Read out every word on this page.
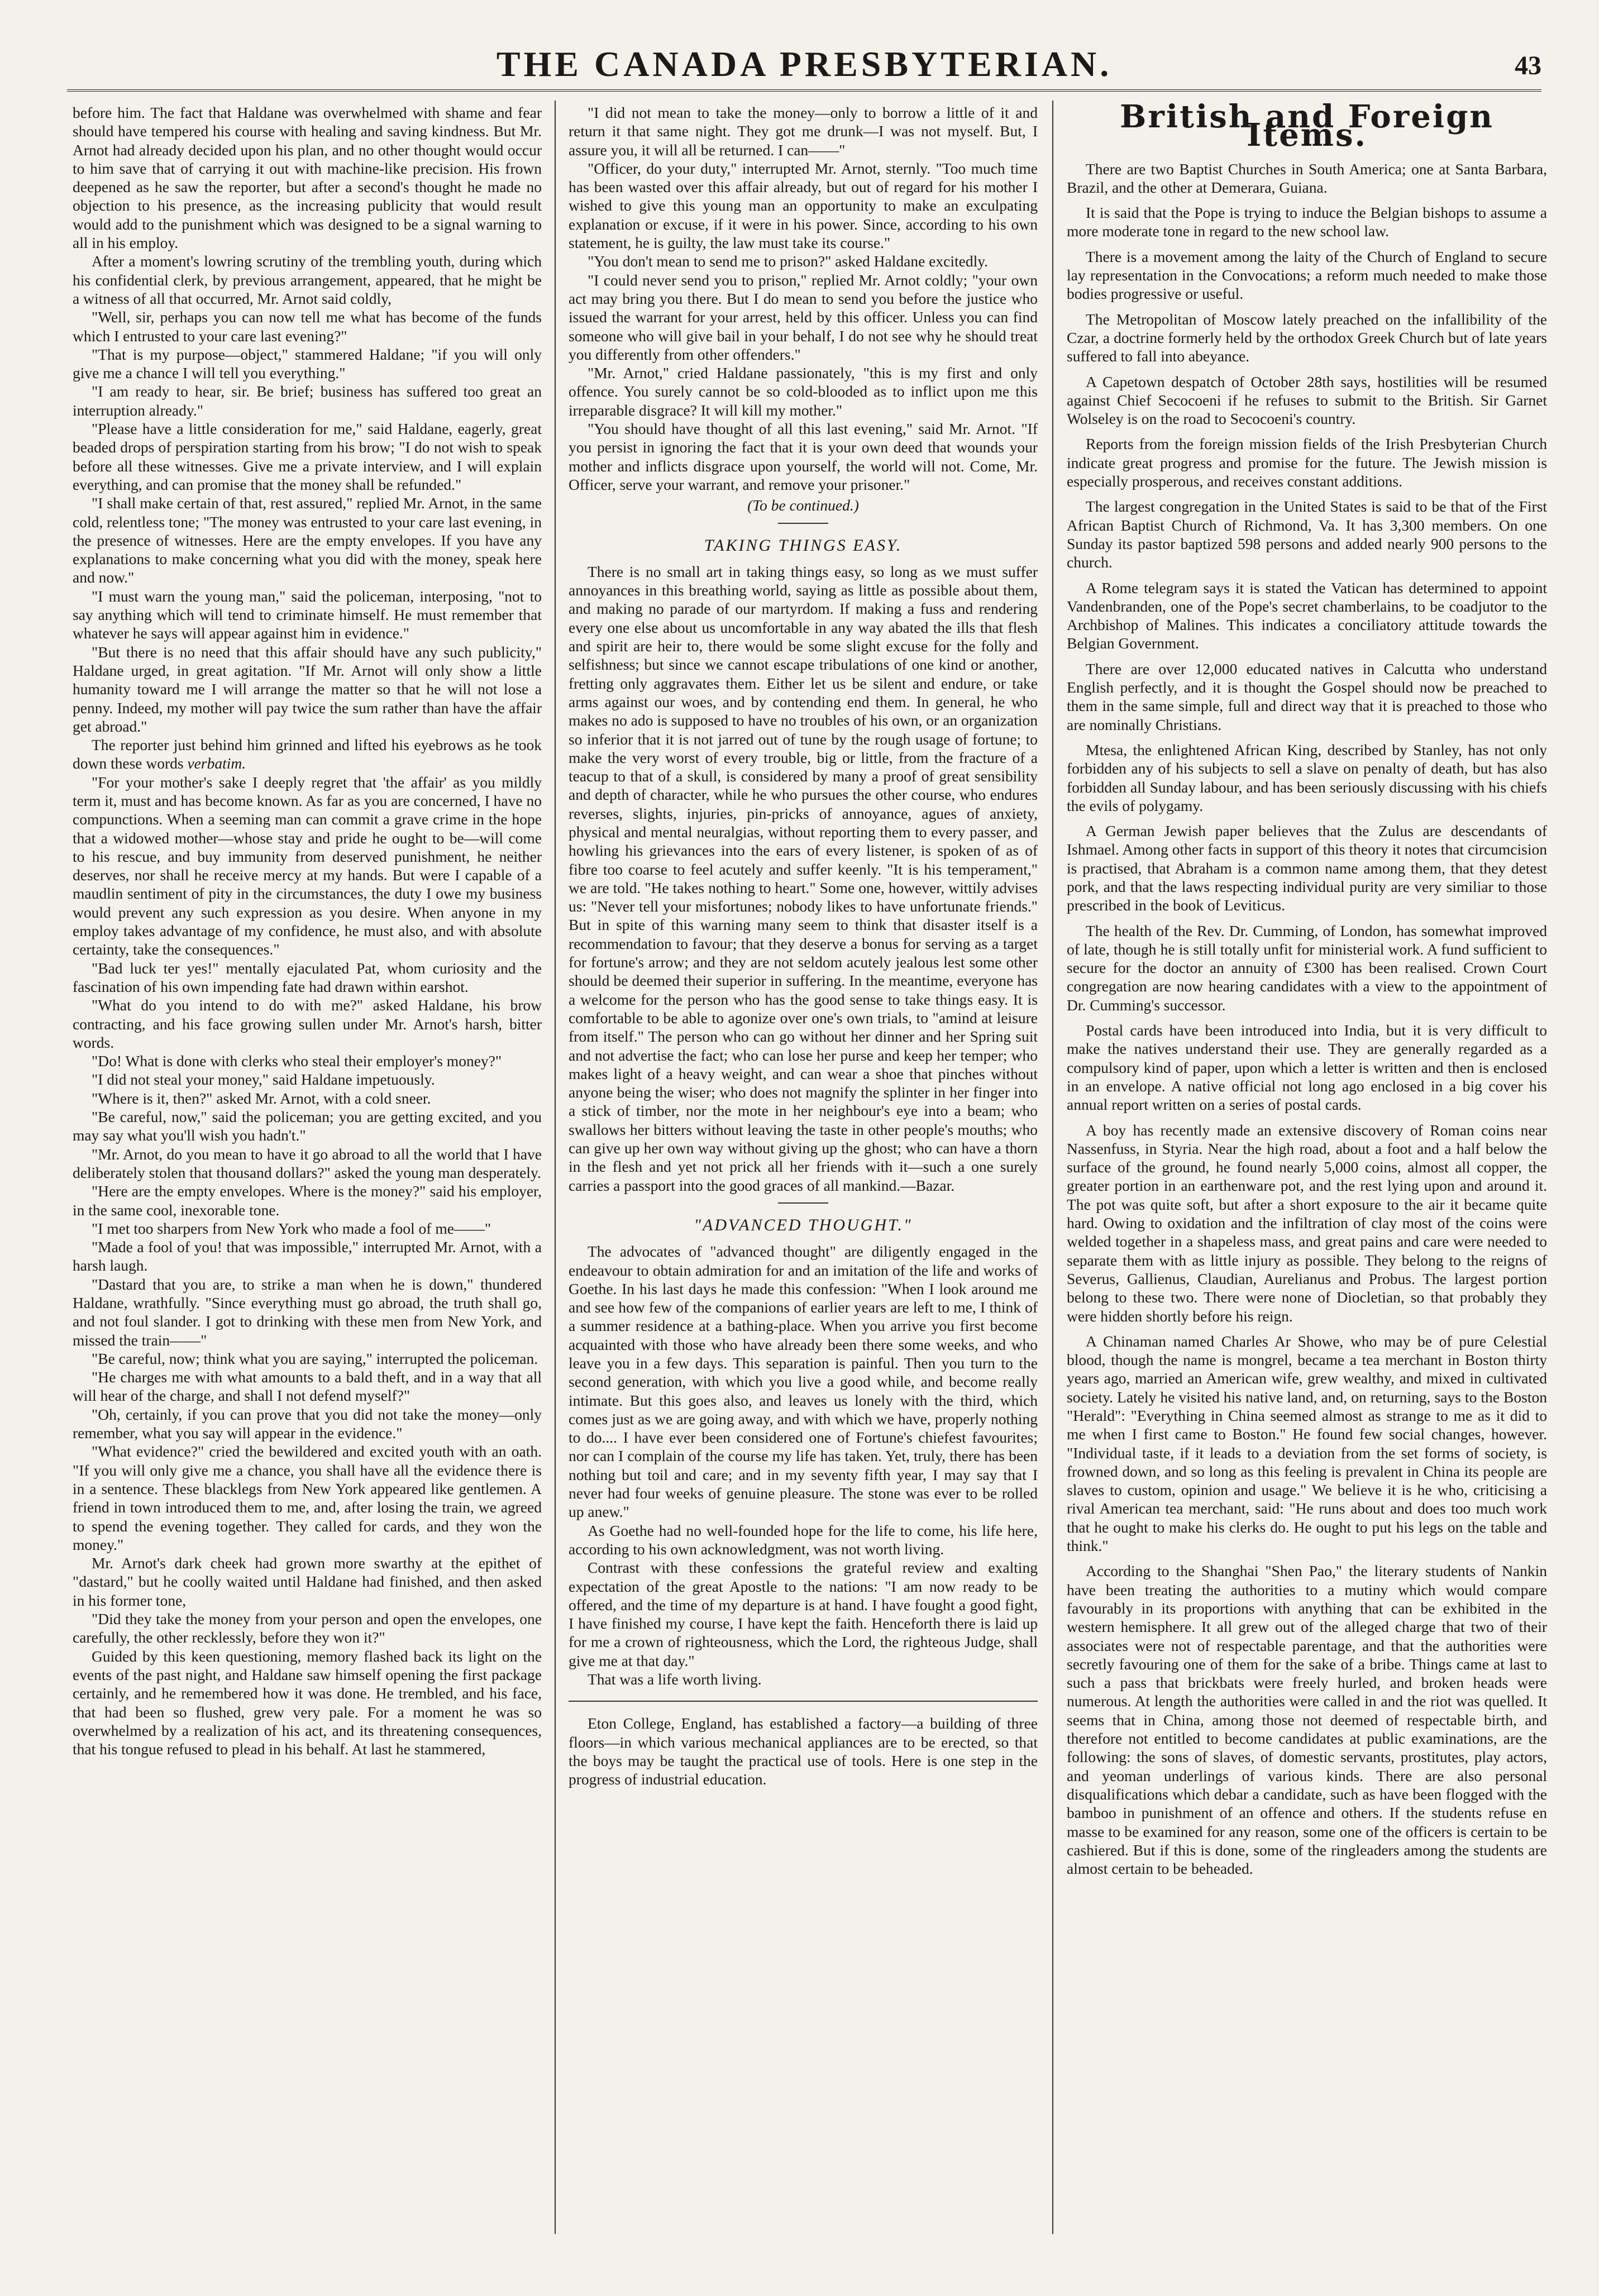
THE CANADA PRESBYTERIAN.	43

before him. The fact that Haldane was overwhelmed with shame and fear should have tempered his course with healing and saving kindness. But Mr. Arnot had already decided upon his plan, and no other thought would occur to him save that of carrying it out with machine-like precision. His frown deepened as he saw the reporter, but after a second's thought he made no objection to his presence, as the increasing publicity that would result would add to the punishment which was designed to be a signal warning to all in his employ.

After a moment's lowring scrutiny of the trembling youth, during which his confidential clerk, by previous arrangement, appeared, that he might be a witness of all that occurred, Mr. Arnot said coldly,

"Well, sir, perhaps you can now tell me what has become of the funds which I entrusted to your care last evening?"

"That is my purpose—object," stammered Haldane; "if you will only give me a chance I will tell you everything."

"I am ready to hear, sir. Be brief; business has suffered too great an interruption already."

"Please have a little consideration for me," said Haldane, eagerly, great beaded drops of perspiration starting from his brow; "I do not wish to speak before all these witnesses. Give me a private interview, and I will explain everything, and can promise that the money shall be refunded."

"I shall make certain of that, rest assured," replied Mr. Arnot, in the same cold, relentless tone; "The money was entrusted to your care last evening, in the presence of witnesses. Here are the empty envelopes. If you have any explanations to make concerning what you did with the money, speak here and now."

"I must warn the young man," said the policeman, interposing, "not to say anything which will tend to criminate himself. He must remember that whatever he says will appear against him in evidence."

"But there is no need that this affair should have any such publicity," Haldane urged, in great agitation. "If Mr. Arnot will only show a little humanity toward me I will arrange the matter so that he will not lose a penny. Indeed, my mother will pay twice the sum rather than have the affair get abroad."

The reporter just behind him grinned and lifted his eyebrows as he took down these words verbatim.

"For your mother's sake I deeply regret that 'the affair' as you mildly term it, must and has become known. As far as you are concerned, I have no compunctions. When a seeming man can commit a grave crime in the hope that a widowed mother—whose stay and pride he ought to be—will come to his rescue, and buy immunity from deserved punishment, he neither deserves, nor shall he receive mercy at my hands. But were I capable of a maudlin sentiment of pity in the circumstances, the duty I owe my business would prevent any such expression as you desire. When anyone in my employ takes advantage of my confidence, he must also, and with absolute certainty, take the consequences."

"Bad luck ter yes!" mentally ejaculated Pat, whom curiosity and the fascination of his own impending fate had drawn within earshot.

"What do you intend to do with me?" asked Haldane, his brow contracting, and his face growing sullen under Mr. Arnot's harsh, bitter words.

"Do! What is done with clerks who steal their employer's money?"

"I did not steal your money," said Haldane impetuously.

"Where is it, then?" asked Mr. Arnot, with a cold sneer.

"Be careful, now," said the policeman; you are getting excited, and you may say what you'll wish you hadn't."

"Mr. Arnot, do you mean to have it go abroad to all the world that I have deliberately stolen that thousand dollars?" asked the young man desperately.

"Here are the empty envelopes. Where is the money?" said his employer, in the same cool, inexorable tone.

"I met too sharpers from New York who made a fool of me——"

"Made a fool of you! that was impossible," interrupted Mr. Arnot, with a harsh laugh.

"Dastard that you are, to strike a man when he is down," thundered Haldane, wrathfully. "Since everything must go abroad, the truth shall go, and not foul slander. I got to drinking with these men from New York, and missed the train——"

"Be careful, now; think what you are saying," interrupted the policeman.

"He charges me with what amounts to a bald theft, and in a way that all will hear of the charge, and shall I not defend myself?"

"Oh, certainly, if you can prove that you did not take the money—only remember, what you say will appear in the evidence."

"What evidence?" cried the bewildered and excited youth with an oath. "If you will only give me a chance, you shall have all the evidence there is in a sentence. These blacklegs from New York appeared like gentlemen. A friend in town introduced them to me, and, after losing the train, we agreed to spend the evening together. They called for cards, and they won the money."

Mr. Arnot's dark cheek had grown more swarthy at the epithet of "dastard," but he coolly waited until Haldane had finished, and then asked in his former tone,

"Did they take the money from your person and open the envelopes, one carefully, the other recklessly, before they won it?"

Guided by this keen questioning, memory flashed back its light on the events of the past night, and Haldane saw himself opening the first package certainly, and he remembered how it was done. He trembled, and his face, that had been so flushed, grew very pale. For a moment he was so overwhelmed by a realization of his act, and its threatening consequences, that his tongue refused to plead in his behalf. At last he stammered,

"I did not mean to take the money—only to borrow a little of it and return it that same night. They got me drunk—I was not myself. But, I assure you, it will all be returned. I can——"

"Officer, do your duty," interrupted Mr. Arnot, sternly. "Too much time has been wasted over this affair already, but out of regard for his mother I wished to give this young man an opportunity to make an exculpating explanation or excuse, if it were in his power. Since, according to his own statement, he is guilty, the law must take its course."

"You don't mean to send me to prison?" asked Haldane excitedly.

"I could never send you to prison," replied Mr. Arnot coldly; "your own act may bring you there. But I do mean to send you before the justice who issued the warrant for your arrest, held by this officer. Unless you can find someone who will give bail in your behalf, I do not see why he should treat you differently from other offenders."

"Mr. Arnot," cried Haldane passionately, "this is my first and only offence. You surely cannot be so cold-blooded as to inflict upon me this irreparable disgrace? It will kill my mother."

"You should have thought of all this last evening," said Mr. Arnot. "If you persist in ignoring the fact that it is your own deed that wounds your mother and inflicts disgrace upon yourself, the world will not. Come, Mr. Officer, serve your warrant, and remove your prisoner."

(To be continued.)
TAKING THINGS EASY.

There is no small art in taking things easy, so long as we must suffer annoyances in this breathing world, saying as little as possible about them, and making no parade of our martyrdom. If making a fuss and rendering every one else about us uncomfortable in any way abated the ills that flesh and spirit are heir to, there would be some slight excuse for the folly and selfishness; but since we cannot escape tribulations of one kind or another, fretting only aggravates them. Either let us be silent and endure, or take arms against our woes, and by contending end them. In general, he who makes no ado is supposed to have no troubles of his own, or an organization so inferior that it is not jarred out of tune by the rough usage of fortune; to make the very worst of every trouble, big or little, from the fracture of a teacup to that of a skull, is considered by many a proof of great sensibility and depth of character, while he who pursues the other course, who endures reverses, slights, injuries, pin-pricks of annoyance, agues of anxiety, physical and mental neuralgias, without reporting them to every passer, and howling his grievances into the ears of every listener, is spoken of as of fibre too coarse to feel acutely and suffer keenly. "It is his temperament," we are told. "He takes nothing to heart." Some one, however, wittily advises us: "Never tell your misfortunes; nobody likes to have unfortunate friends." But in spite of this warning many seem to think that disaster itself is a recommendation to favour; that they deserve a bonus for serving as a target for fortune's arrow; and they are not seldom acutely jealous lest some other should be deemed their superior in suffering. In the meantime, everyone has a welcome for the person who has the good sense to take things easy. It is comfortable to be able to agonize over one's own trials, to "amind at leisure from itself." The person who can go without her dinner and her Spring suit and not advertise the fact; who can lose her purse and keep her temper; who makes light of a heavy weight, and can wear a shoe that pinches without anyone being the wiser; who does not magnify the splinter in her finger into a stick of timber, nor the mote in her neighbour's eye into a beam; who swallows her bitters without leaving the taste in other people's mouths; who can give up her own way without giving up the ghost; who can have a thorn in the flesh and yet not prick all her friends with it—such a one surely carries a passport into the good graces of all mankind.—Bazar.

"ADVANCED THOUGHT."

The advocates of "advanced thought" are diligently engaged in the endeavour to obtain admiration for and an imitation of the life and works of Goethe. In his last days he made this confession: "When I look around me and see how few of the companions of earlier years are left to me, I think of a summer residence at a bathing-place. When you arrive you first become acquainted with those who have already been there some weeks, and who leave you in a few days. This separation is painful. Then you turn to the second generation, with which you live a good while, and become really intimate. But this goes also, and leaves us lonely with the third, which comes just as we are going away, and with which we have, properly nothing to do.... I have ever been considered one of Fortune's chiefest favourites; nor can I complain of the course my life has taken. Yet, truly, there has been nothing but toil and care; and in my seventy fifth year, I may say that I never had four weeks of genuine pleasure. The stone was ever to be rolled up anew."

As Goethe had no well-founded hope for the life to come, his life here, according to his own acknowledgment, was not worth living.

Contrast with these confessions the grateful review and exalting expectation of the great Apostle to the nations: "I am now ready to be offered, and the time of my departure is at hand. I have fought a good fight, I have finished my course, I have kept the faith. Henceforth there is laid up for me a crown of righteousness, which the Lord, the righteous Judge, shall give me at that day."

That was a life worth living.

Eton College, England, has established a factory—a building of three floors—in which various mechanical appliances are to be erected, so that the boys may be taught the practical use of tools. Here is one step in the progress of industrial education.

British and Foreign Items.

There are two Baptist Churches in South America; one at Santa Barbara, Brazil, and the other at Demerara, Guiana.

It is said that the Pope is trying to induce the Belgian bishops to assume a more moderate tone in regard to the new school law.

There is a movement among the laity of the Church of England to secure lay representation in the Convocations; a reform much needed to make those bodies progressive or useful.

The Metropolitan of Moscow lately preached on the infallibility of the Czar, a doctrine formerly held by the orthodox Greek Church but of late years suffered to fall into abeyance.

A Capetown despatch of October 28th says, hostilities will be resumed against Chief Secocoeni if he refuses to submit to the British. Sir Garnet Wolseley is on the road to Secocoeni's country.

Reports from the foreign mission fields of the Irish Presbyterian Church indicate great progress and promise for the future. The Jewish mission is especially prosperous, and receives constant additions.

The largest congregation in the United States is said to be that of the First African Baptist Church of Richmond, Va. It has 3,300 members. On one Sunday its pastor baptized 598 persons and added nearly 900 persons to the church.

A Rome telegram says it is stated the Vatican has determined to appoint Vandenbranden, one of the Pope's secret chamberlains, to be coadjutor to the Archbishop of Malines. This indicates a conciliatory attitude towards the Belgian Government.

There are over 12,000 educated natives in Calcutta who understand English perfectly, and it is thought the Gospel should now be preached to them in the same simple, full and direct way that it is preached to those who are nominally Christians.

Mtesa, the enlightened African King, described by Stanley, has not only forbidden any of his subjects to sell a slave on penalty of death, but has also forbidden all Sunday labour, and has been seriously discussing with his chiefs the evils of polygamy.

A German Jewish paper believes that the Zulus are descendants of Ishmael. Among other facts in support of this theory it notes that circumcision is practised, that Abraham is a common name among them, that they detest pork, and that the laws respecting individual purity are very similiar to those prescribed in the book of Leviticus.

The health of the Rev. Dr. Cumming, of London, has somewhat improved of late, though he is still totally unfit for ministerial work. A fund sufficient to secure for the doctor an annuity of £300 has been realised. Crown Court congregation are now hearing candidates with a view to the appointment of Dr. Cumming's successor.

Postal cards have been introduced into India, but it is very difficult to make the natives understand their use. They are generally regarded as a compulsory kind of paper, upon which a letter is written and then is enclosed in an envelope. A native official not long ago enclosed in a big cover his annual report written on a series of postal cards.

A boy has recently made an extensive discovery of Roman coins near Nassenfuss, in Styria. Near the high road, about a foot and a half below the surface of the ground, he found nearly 5,000 coins, almost all copper, the greater portion in an earthenware pot, and the rest lying upon and around it. The pot was quite soft, but after a short exposure to the air it became quite hard. Owing to oxidation and the infiltration of clay most of the coins were welded together in a shapeless mass, and great pains and care were needed to separate them with as little injury as possible. They belong to the reigns of Severus, Gallienus, Claudian, Aurelianus and Probus. The largest portion belong to these two. There were none of Diocletian, so that probably they were hidden shortly before his reign.

A Chinaman named Charles Ar Showe, who may be of pure Celestial blood, though the name is mongrel, became a tea merchant in Boston thirty years ago, married an American wife, grew wealthy, and mixed in cultivated society. Lately he visited his native land, and, on returning, says to the Boston "Herald": "Everything in China seemed almost as strange to me as it did to me when I first came to Boston." He found few social changes, however. "Individual taste, if it leads to a deviation from the set forms of society, is frowned down, and so long as this feeling is prevalent in China its people are slaves to custom, opinion and usage." We believe it is he who, criticising a rival American tea merchant, said: "He runs about and does too much work that he ought to make his clerks do. He ought to put his legs on the table and think."

According to the Shanghai "Shen Pao," the literary students of Nankin have been treating the authorities to a mutiny which would compare favourably in its proportions with anything that can be exhibited in the western hemisphere. It all grew out of the alleged charge that two of their associates were not of respectable parentage, and that the authorities were secretly favouring one of them for the sake of a bribe. Things came at last to such a pass that brickbats were freely hurled, and broken heads were numerous. At length the authorities were called in and the riot was quelled. It seems that in China, among those not deemed of respectable birth, and therefore not entitled to become candidates at public examinations, are the following: the sons of slaves, of domestic servants, prostitutes, play actors, and yeoman underlings of various kinds. There are also personal disqualifications which debar a candidate, such as have been flogged with the bamboo in punishment of an offence and others. If the students refuse en masse to be examined for any reason, some one of the officers is certain to be cashiered. But if this is done, some of the ringleaders among the students are almost certain to be beheaded.
